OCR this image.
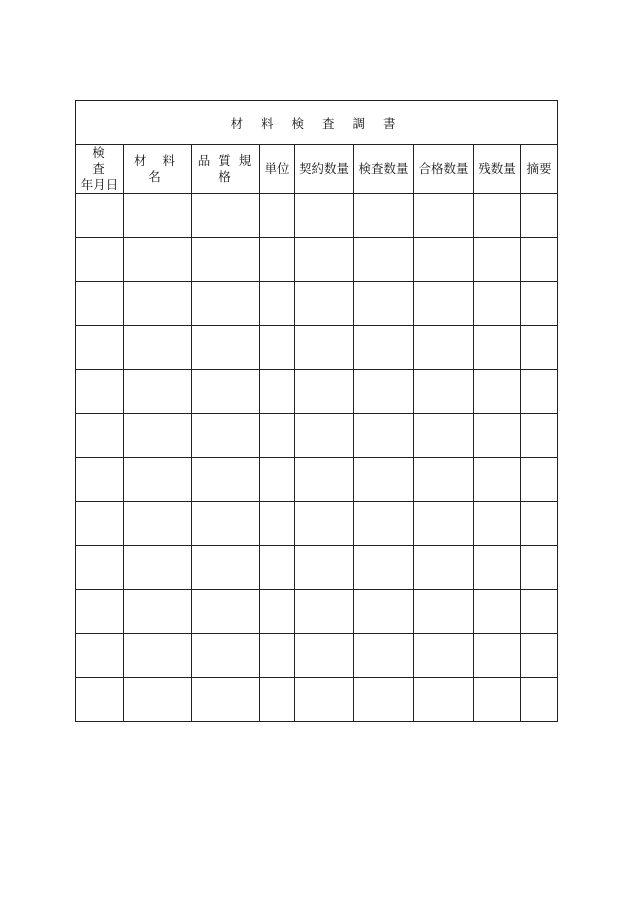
材 料 検 査 調 書								

検 査
年月日	材 料 名	品 質 規 格	単位	契約数量	検査数量	合格数量	残数量	摘要
